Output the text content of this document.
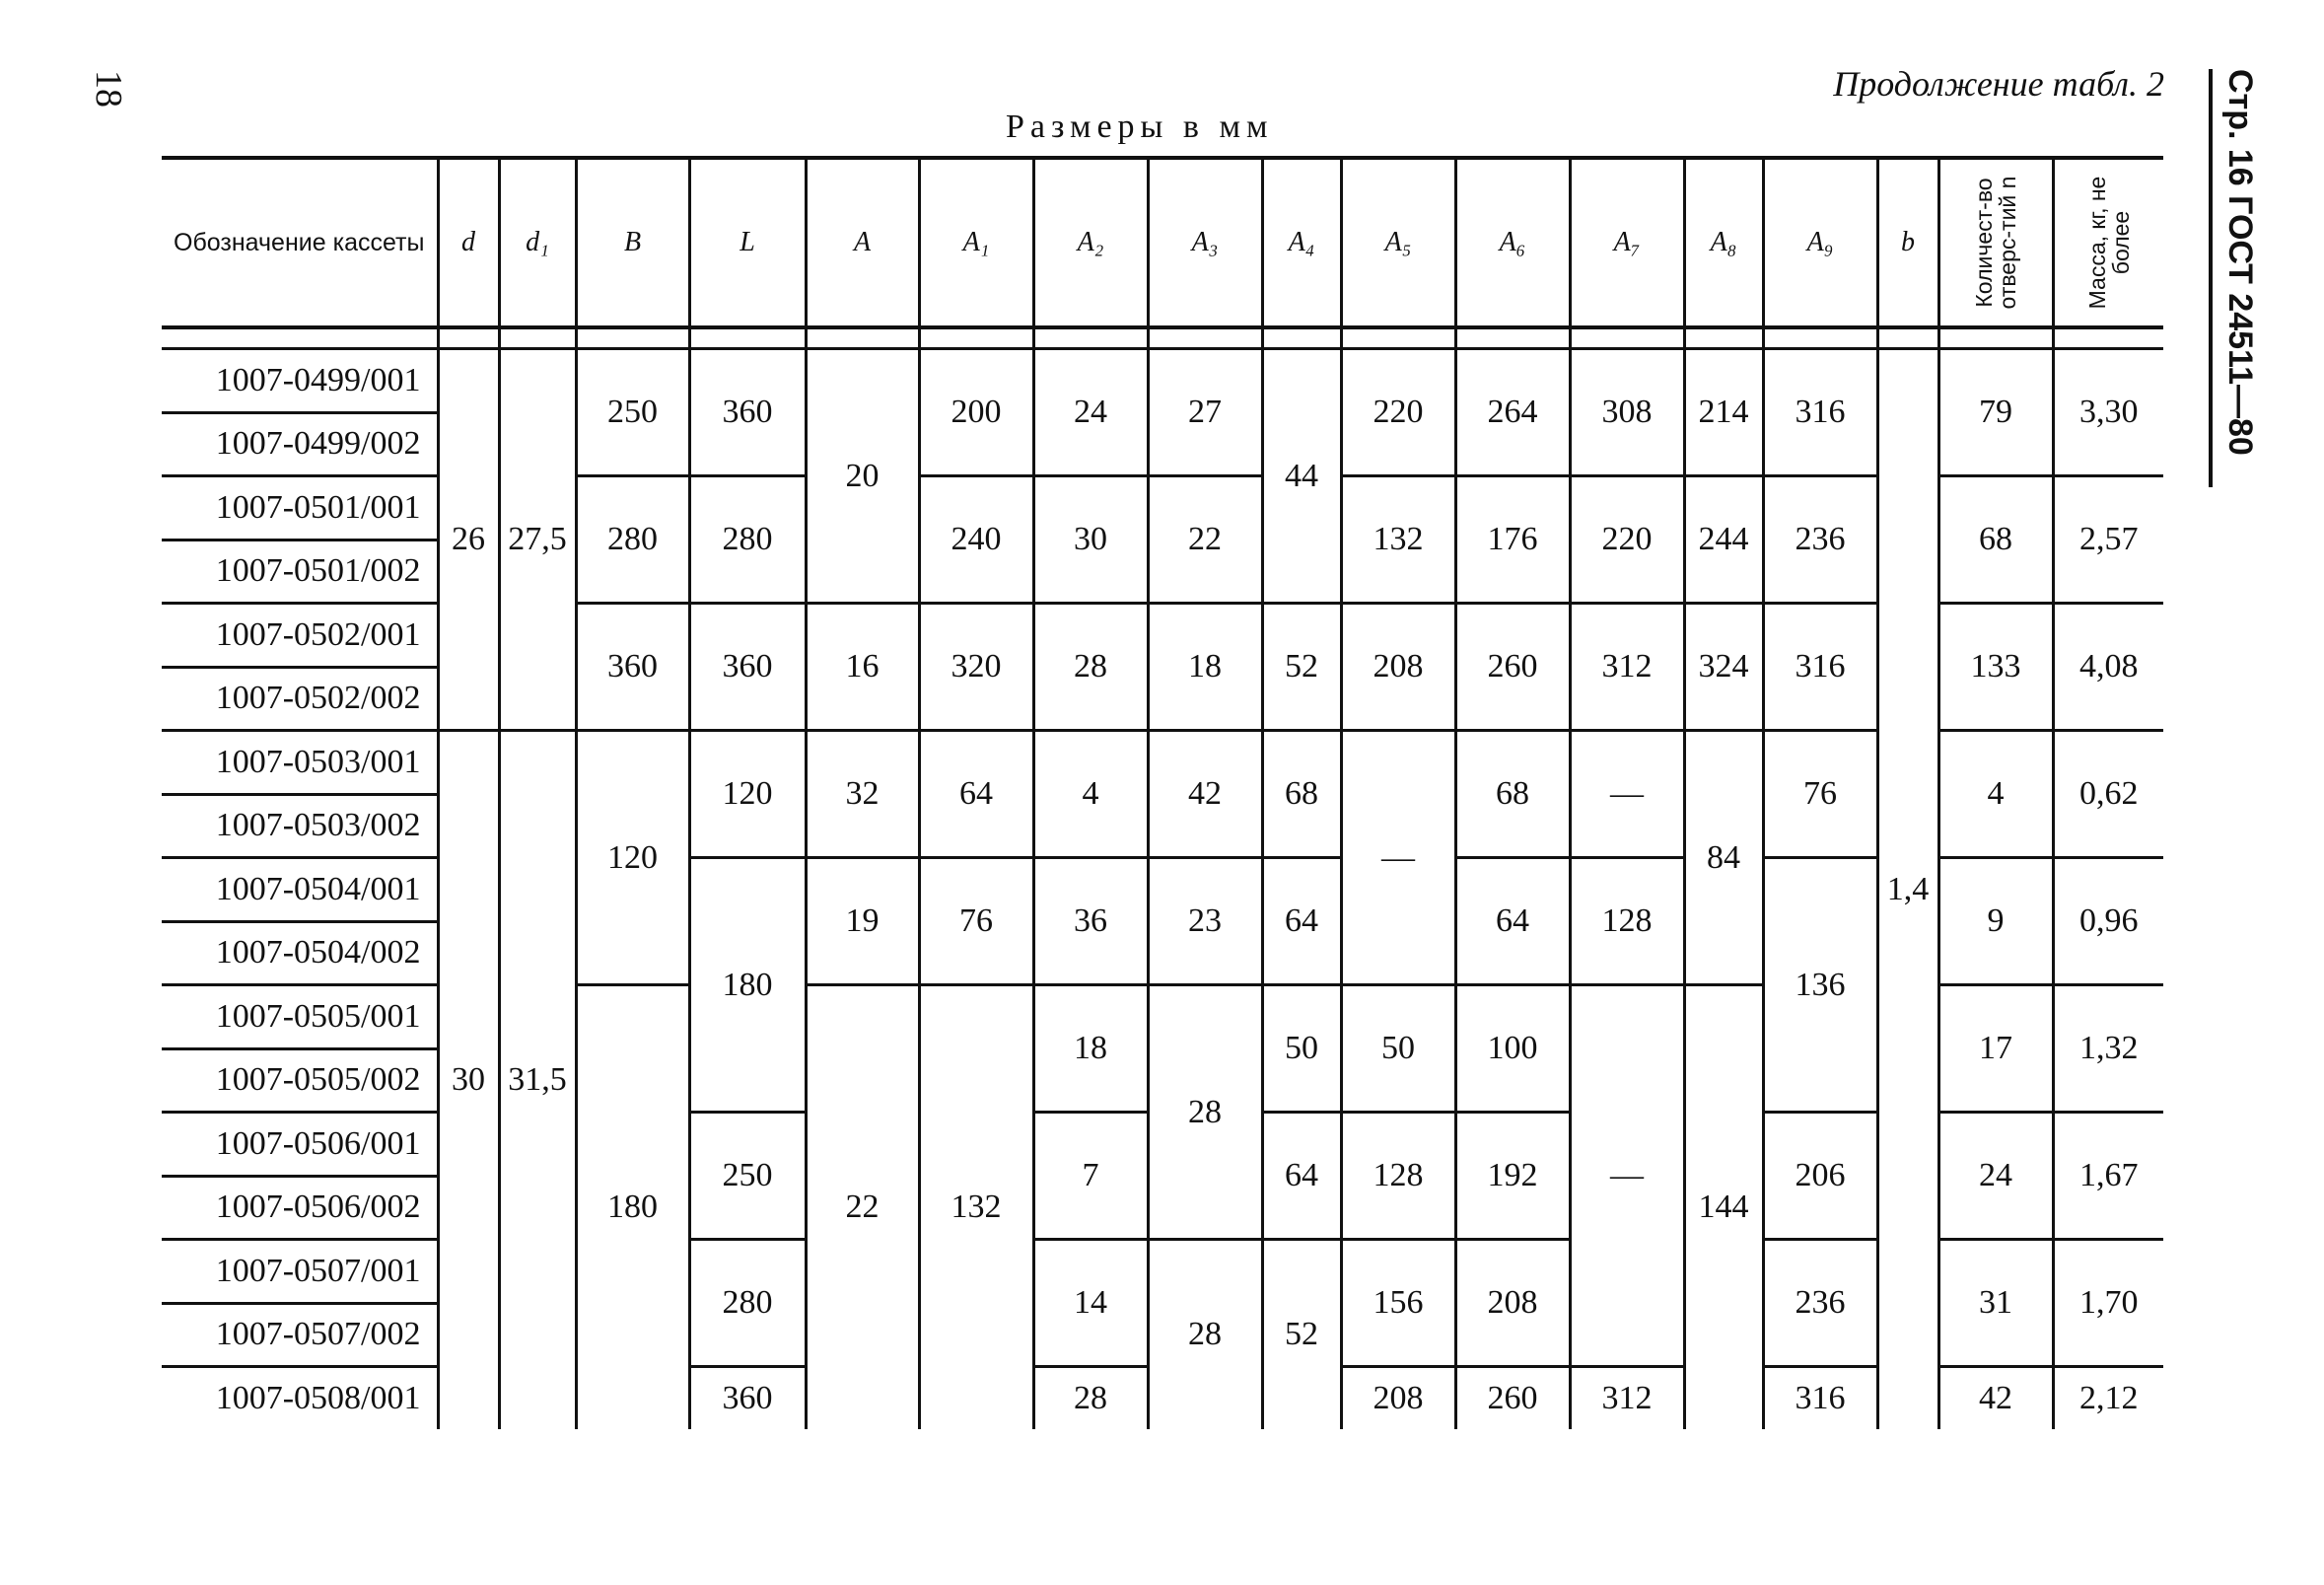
18	Продолжение табл. 2
Размеры в мм	Стр. 16 ГОСТ 24511—80
Обозначение кассеты	d	d₁	B	L	A	A₁	A₂	A₃	A₄	A₅	A₆	A₇	A₈	A₉	b	Количест-во отверс-тий n	Масса, кг, не более

1007-0499/001	26	27,5	250	360	20	200	24	27	44	220	264	308	214	316	1,4	79	3,30
1007-0499/002																	
1007-0501/001			280	280		240	30	22		132	176	220	244	236		68	2,57
1007-0501/002																	
1007-0502/001			360	360	16	320	28	18	52	208	260	312	324	316		133	4,08
1007-0502/002																	
1007-0503/001	30	31,5	120	120	32	64	4	42	68	—	68	—	84	76		4	0,62
1007-0503/002																	
1007-0504/001				180	19	76	36	23	64		64	128		136		9	0,96
1007-0504/002																	
1007-0505/001			180		22	132	18	28	50	50	100	—	144			17	1,32
1007-0505/002																	
1007-0506/001				250			7		64	128	192			206		24	1,67
1007-0506/002																	
1007-0507/001				280			14	28	52	156	208			236		31	1,70
1007-0507/002																	
1007-0508/001				360			28			208	260	312		316		42	2,12
